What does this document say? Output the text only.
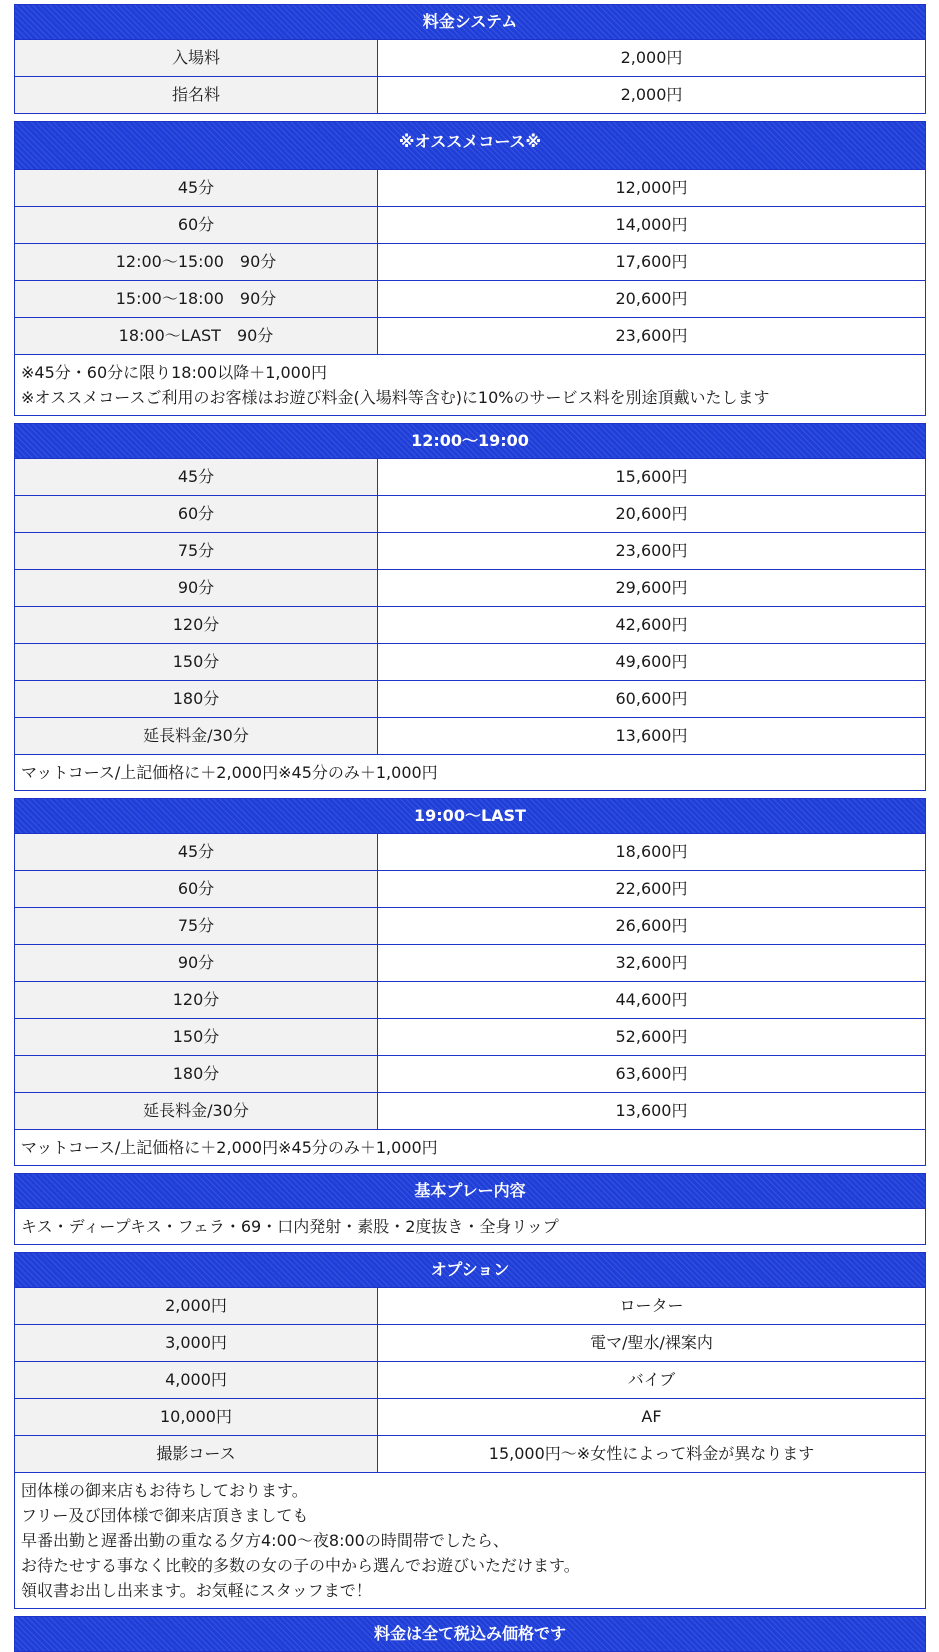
料金システム
入場料	2,000円
指名料	2,000円
※オススメコース※
45分	12,000円
60分	14,000円
12:00～15:00　90分	17,600円
15:00～18:00　90分	20,600円
18:00～LAST　90分	23,600円

※45分・60分に限り18:00以降＋1,000円

※オススメコースご利用のお客様はお遊び料金(入場料等含む)に10%のサービス料を別途頂戴いたします

12:00～19:00
45分	15,600円
60分	20,600円
75分	23,600円
90分	29,600円
120分	42,600円
150分	49,600円
180分	60,600円
延長料金/30分	13,600円
マットコース/上記価格に＋2,000円※45分のみ＋1,000円
19:00～LAST
45分	18,600円
60分	22,600円
75分	26,600円
90分	32,600円
120分	44,600円
150分	52,600円
180分	63,600円
延長料金/30分	13,600円
マットコース/上記価格に＋2,000円※45分のみ＋1,000円
基本プレー内容
キス・ディープキス・フェラ・69・口内発射・素股・2度抜き・全身リップ
オプション
2,000円	ローター
3,000円	電マ/聖水/裸案内
4,000円	バイブ
10,000円	AF
撮影コース	15,000円～※女性によって料金が異なります

団体様の御来店もお待ちしております。

フリー及び団体様で御来店頂きましても

早番出勤と遅番出勤の重なる夕方4:00～夜8:00の時間帯でしたら、

お待たせする事なく比較的多数の女の子の中から選んでお遊びいただけます。

領収書お出し出来ます。お気軽にスタッフまで！

料金は全て税込み価格です
